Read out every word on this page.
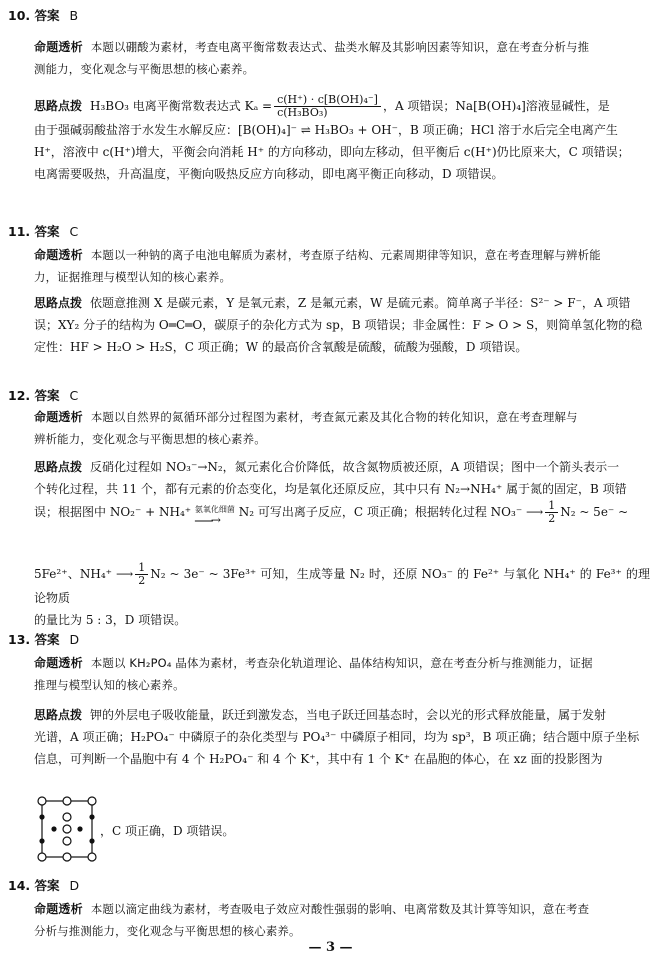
10. 答案 B
命题透析 本题以硼酸为素材，考查电离平衡常数表达式、盐类水解及其影响因素等知识，意在考查分析与推
测能力，变化观念与平衡思想的核心素养。
思路点拨 H₃BO₃ 电离平衡常数表达式 $K_a = \frac{\text{c(H⁺) · c[B(OH)₄⁻]}}{\text{c(H₃BO₃)}}$ ，A 项错误；Na[B(OH)₄]溶液显碱性，是
由于强碱弱酸盐溶于水发生水解反应：[B(OH)₄]⁻ ⇌ H₃BO₃ + OH⁻，B 项正确；HCl 溶于水后完全电离产生
H⁺，溶液中 c(H⁺)增大，平衡会向消耗 H⁺ 的方向移动，即向左移动，但平衡后 c(H⁺)仍比原来大，C 项错误；
电离需要吸热，升高温度，平衡向吸热反应方向移动，即电离平衡正向移动，D 项错误。
11. 答案 C
命题透析 本题以一种钠的离子电池电解质为素材，考查原子结构、元素周期律等知识，意在考查理解与辨析能
力，证据推理与模型认知的核心素养。
思路点拨 依题意推测 X 是碳元素，Y 是氧元素，Z 是氟元素，W 是硫元素。简单离子半径：S²⁻ > F⁻，A 项错
误；XY₂ 分子的结构为 O═C═O，碳原子的杂化方式为 sp，B 项错误；非金属性：F > O > S，则简单氢化物的稳
定性：HF > H₂O > H₂S，C 项正确；W 的最高价含氧酸是硫酸，硫酸为强酸，D 项错误。
12. 答案 C
命题透析 本题以自然界的氮循环部分过程图为素材，考查氮元素及其化合物的转化知识，意在考查理解与
辨析能力，变化观念与平衡思想的核心素养。
思路点拨 反硝化过程如 NO₃⁻→N₂，氮元素化合价降低，故含氮物质被还原，A 项错误；图中一个箭头表示一
个转化过程，共 11 个，都有元素的价态变化，均是氧化还原反应，其中只有 N₂→NH₄⁺ 属于氮的固定，B 项错
误；根据图中 NO₂⁻ + NH₄⁺ 氨氧化细菌
⎯⎯⎯⎯→
N₂ 可写出离子反应，C 项正确；根据转化过程 NO₃⁻ ⟶ $\frac{1}{2} N_2$ ~ 5e⁻ ~
5Fe²⁺、NH₄⁺ ⟶ $\frac{1}{2} N_2$ ~ 3e⁻ ~ 3Fe³⁺ 可知，生成等量 N₂ 时，还原 NO₃⁻ 的 Fe²⁺ 与氧化 NH₄⁺ 的 Fe³⁺ 的理论物质
的量比为 5 : 3，D 项错误。
13. 答案 D
命题透析 本题以 KH₂PO₄ 晶体为素材，考查杂化轨道理论、晶体结构知识，意在考查分析与推测能力，证据
推理与模型认知的核心素养。
思路点拨 钾的外层电子吸收能量，跃迁到激发态，当电子跃迁回基态时，会以光的形式释放能量，属于发射
光谱，A 项正确；H₂PO₄⁻ 中磷原子的杂化类型与 PO₄³⁻ 中磷原子相同，均为 sp³，B 项正确；结合题中原子坐标
信息，可判断一个晶胞中有 4 个 H₂PO₄⁻ 和 4 个 K⁺，其中有 1 个 K⁺ 在晶胞的体心，在 xz 面的投影图为
，C 项正确，D 项错误。
14. 答案 D
命题透析 本题以滴定曲线为素材，考查吸电子效应对酸性强弱的影响、电离常数及其计算等知识，意在考查
分析与推测能力，变化观念与平衡思想的核心素养。
— 3 —
